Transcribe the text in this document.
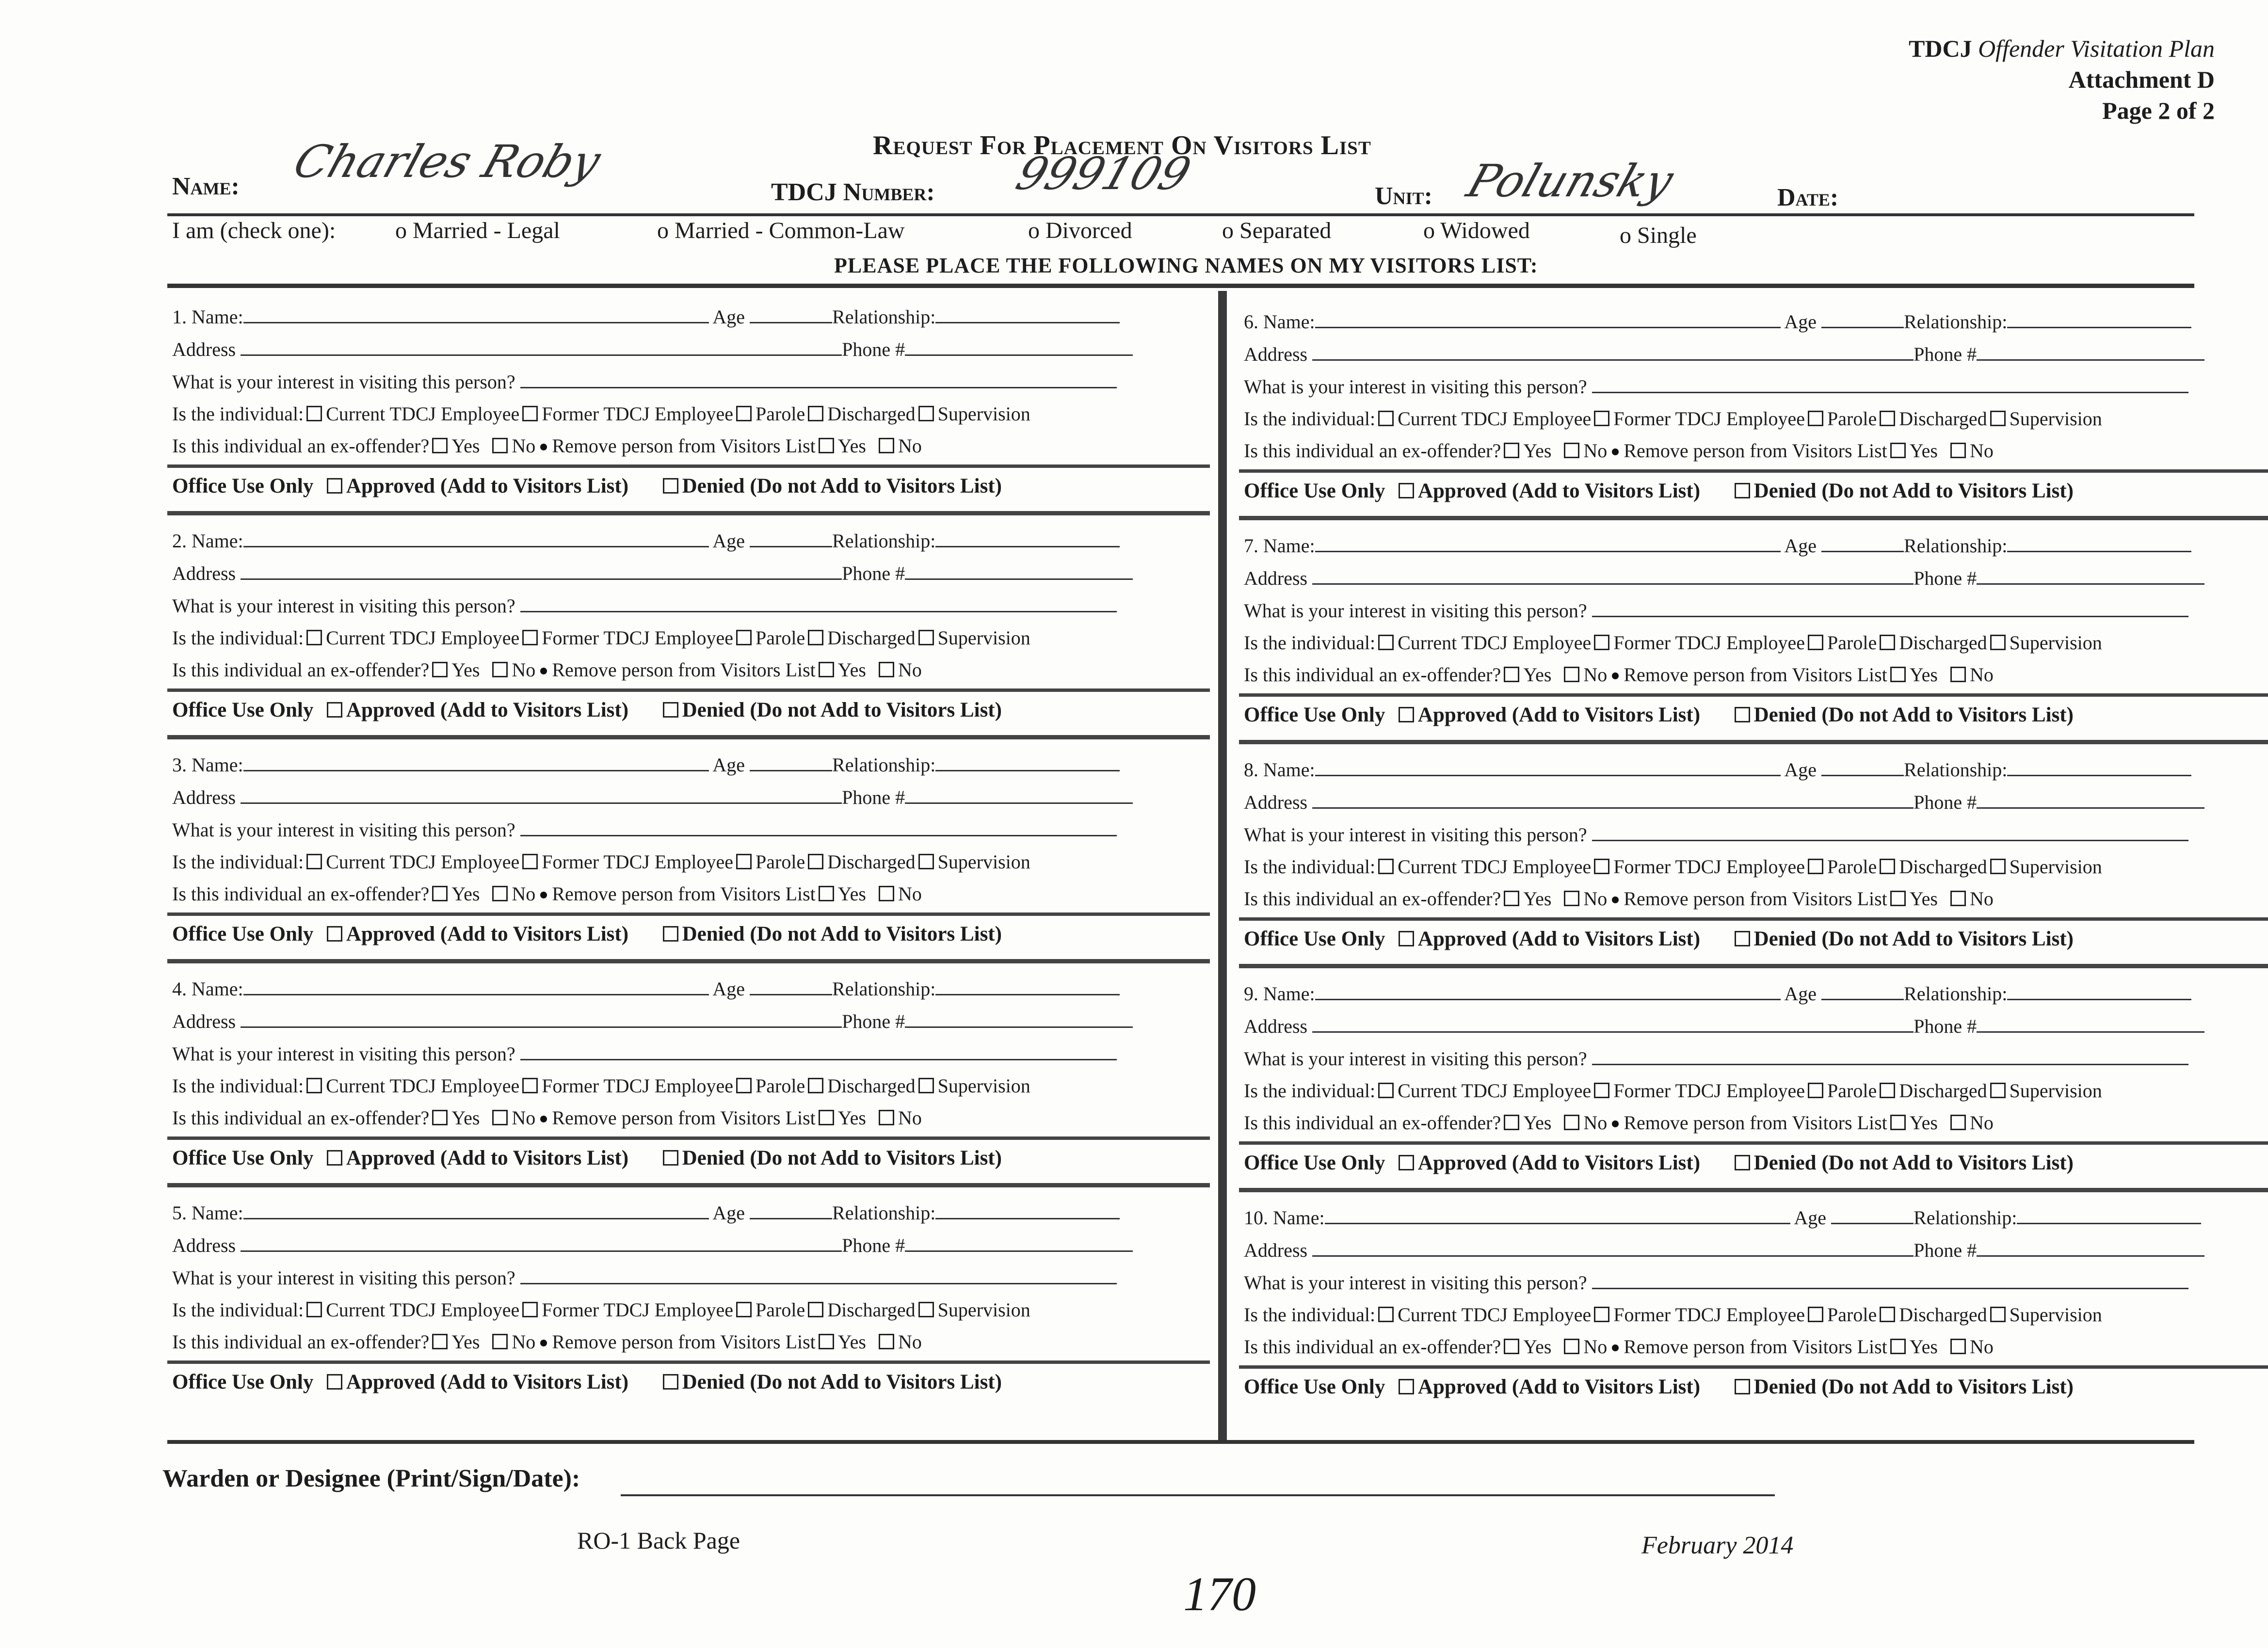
TDCJ Offender Visitation Plan
Attachment D
Page 2 of 2
Request For Placement On Visitors List
Name: Charles Roby
TDCJ Number: 999109	Unit: Polunsky	Date:
I am (check one):	o Married - Legal	o Married - Common-Law	o Divorced	o Separated	o Widowed	o Single
PLEASE PLACE THE FOLLOWING NAMES ON MY VISITORS LIST:
1. Name:	Age	Relationship:
Address	Phone #
What is your interest in visiting this person?
Is the individual: Current TDCJ Employee Former TDCJ Employee Parole Discharged Supervision
Is this individual an ex-offender? Yes No Remove person from Visitors List Yes No
Office Use Only Approved (Add to Visitors List)	Denied (Do not Add to Visitors List)
2. Name:	Age	Relationship:
Address	Phone #
What is your interest in visiting this person?
Is the individual: Current TDCJ Employee Former TDCJ Employee Parole Discharged Supervision
Is this individual an ex-offender? Yes No Remove person from Visitors List Yes No
Office Use Only Approved (Add to Visitors List)	Denied (Do not Add to Visitors List)
3. Name:	Age	Relationship:
Address	Phone #
What is your interest in visiting this person?
Is the individual: Current TDCJ Employee Former TDCJ Employee Parole Discharged Supervision
Is this individual an ex-offender? Yes No Remove person from Visitors List Yes No
Office Use Only Approved (Add to Visitors List)	Denied (Do not Add to Visitors List)
4. Name:	Age	Relationship:
Address	Phone #
What is your interest in visiting this person?
Is the individual: Current TDCJ Employee Former TDCJ Employee Parole Discharged Supervision
Is this individual an ex-offender? Yes No Remove person from Visitors List Yes No
Office Use Only Approved (Add to Visitors List)	Denied (Do not Add to Visitors List)
5. Name:	Age	Relationship:
Address	Phone #
What is your interest in visiting this person?
Is the individual: Current TDCJ Employee Former TDCJ Employee Parole Discharged Supervision
Is this individual an ex-offender? Yes No Remove person from Visitors List Yes No
Office Use Only Approved (Add to Visitors List)	Denied (Do not Add to Visitors List)
6. Name:	Age	Relationship:
Address	Phone #
What is your interest in visiting this person?
Is the individual: Current TDCJ Employee Former TDCJ Employee Parole Discharged Supervision
Is this individual an ex-offender? Yes No Remove person from Visitors List Yes No
Office Use Only Approved (Add to Visitors List)	Denied (Do not Add to Visitors List)
7. Name:	Age	Relationship:
Address	Phone #
What is your interest in visiting this person?
Is the individual: Current TDCJ Employee Former TDCJ Employee Parole Discharged Supervision
Is this individual an ex-offender? Yes No Remove person from Visitors List Yes No
Office Use Only Approved (Add to Visitors List)	Denied (Do not Add to Visitors List)
8. Name:	Age	Relationship:
Address	Phone #
What is your interest in visiting this person?
Is the individual: Current TDCJ Employee Former TDCJ Employee Parole Discharged Supervision
Is this individual an ex-offender? Yes No Remove person from Visitors List Yes No
Office Use Only Approved (Add to Visitors List)	Denied (Do not Add to Visitors List)
9. Name:	Age	Relationship:
Address	Phone #
What is your interest in visiting this person?
Is the individual: Current TDCJ Employee Former TDCJ Employee Parole Discharged Supervision
Is this individual an ex-offender? Yes No Remove person from Visitors List Yes No
Office Use Only Approved (Add to Visitors List)	Denied (Do not Add to Visitors List)
10. Name:	Age	Relationship:
Address	Phone #
What is your interest in visiting this person?
Is the individual: Current TDCJ Employee Former TDCJ Employee Parole Discharged Supervision
Is this individual an ex-offender? Yes No Remove person from Visitors List Yes No
Office Use Only Approved (Add to Visitors List)	Denied (Do not Add to Visitors List)
Warden or Designee (Print/Sign/Date):
RO-1 Back Page	February 2014
170
